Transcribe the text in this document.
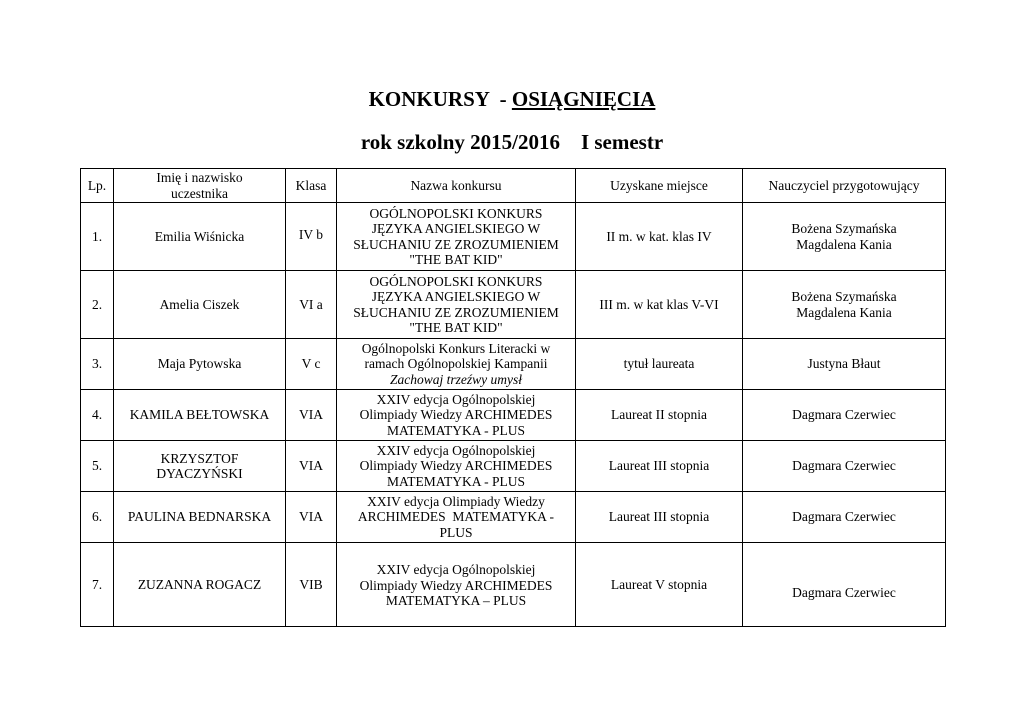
KONKURSY  - OSIĄGNIĘCIA
rok szkolny 2015/2016    I semestr
Lp.	Imię i nazwisko
uczestnika	Klasa	Nazwa konkursu	Uzyskane miejsce	Nauczyciel przygotowujący
1.	Emilia Wiśnicka	IV b	OGÓLNOPOLSKI KONKURS
JĘZYKA ANGIELSKIEGO W
SŁUCHANIU ZE ZROZUMIENIEM
"THE BAT KID"	II m. w kat. klas IV	Bożena Szymańska
Magdalena Kania
2.	Amelia Ciszek	VI a	OGÓLNOPOLSKI KONKURS
JĘZYKA ANGIELSKIEGO W
SŁUCHANIU ZE ZROZUMIENIEM
"THE BAT KID"	III m. w kat klas V-VI	Bożena Szymańska
Magdalena Kania
3.	Maja Pytowska	V c	Ogólnopolski Konkurs Literacki w
ramach Ogólnopolskiej Kampanii
Zachowaj trzeźwy umysł	tytuł laureata	Justyna Błaut
4.	KAMILA BEŁTOWSKA	VIA	XXIV edycja Ogólnopolskiej
Olimpiady Wiedzy ARCHIMEDES
MATEMATYKA - PLUS	Laureat II stopnia	Dagmara Czerwiec
5.	KRZYSZTOF DYACZYŃSKI	VIA	XXIV edycja Ogólnopolskiej
Olimpiady Wiedzy ARCHIMEDES
MATEMATYKA - PLUS	Laureat III stopnia	Dagmara Czerwiec
6.	PAULINA BEDNARSKA	VIA	XXIV edycja Olimpiady Wiedzy
ARCHIMEDES  MATEMATYKA -
PLUS	Laureat III stopnia	Dagmara Czerwiec
7.	ZUZANNA ROGACZ	VIB	XXIV edycja Ogólnopolskiej
Olimpiady Wiedzy ARCHIMEDES
MATEMATYKA – PLUS	Laureat V stopnia	Dagmara Czerwiec
